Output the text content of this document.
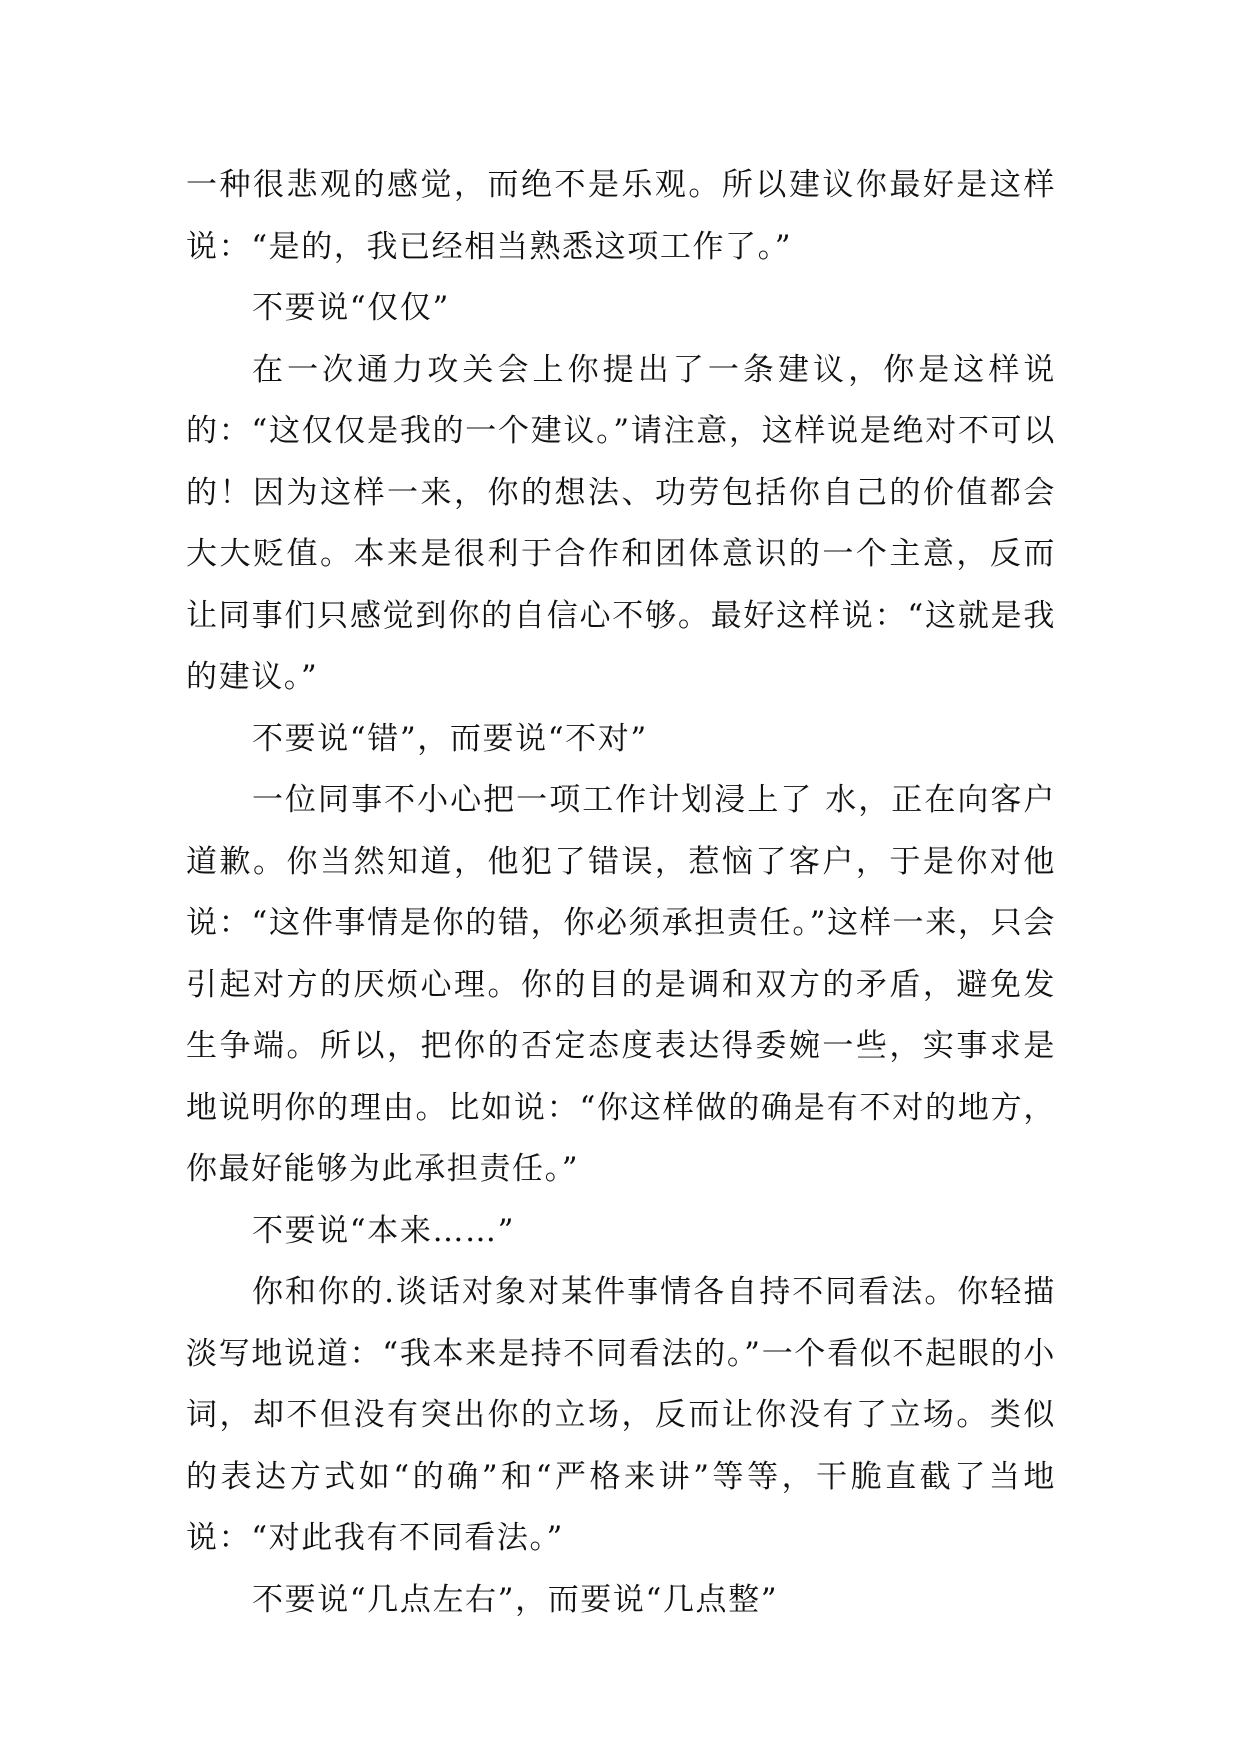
一种很悲观的感觉，而绝不是乐观。所以建议你最好是这样说：“是的，我已经相当熟悉这项工作了。”

不要说“仅仅”

在一次通力攻关会上你提出了一条建议，你是这样说的：“这仅仅是我的一个建议。”请注意，这样说是绝对不可以的！因为这样一来，你的想法、功劳包括你自己的价值都会大大贬值。本来是很利于合作和团体意识的一个主意，反而让同事们只感觉到你的自信心不够。最好这样说：“这就是我的建议。”

不要说“错”，而要说“不对”

一位同事不小心把一项工作计划浸上了 水，正在向客户道歉。你当然知道，他犯了错误，惹恼了客户，于是你对他说：“这件事情是你的错，你必须承担责任。”这样一来，只会引起对方的厌烦心理。你的目的是调和双方的矛盾，避免发生争端。所以，把你的否定态度表达得委婉一些，实事求是地说明你的理由。比如说：“你这样做的确是有不对的地方，你最好能够为此承担责任。”

不要说“本来……”

你和你的.谈话对象对某件事情各自持不同看法。你轻描淡写地说道：“我本来是持不同看法的。”一个看似不起眼的小词，却不但没有突出你的立场，反而让你没有了立场。类似的表达方式如“的确”和“严格来讲”等等，干脆直截了当地说：“对此我有不同看法。”

不要说“几点左右”，而要说“几点整”
